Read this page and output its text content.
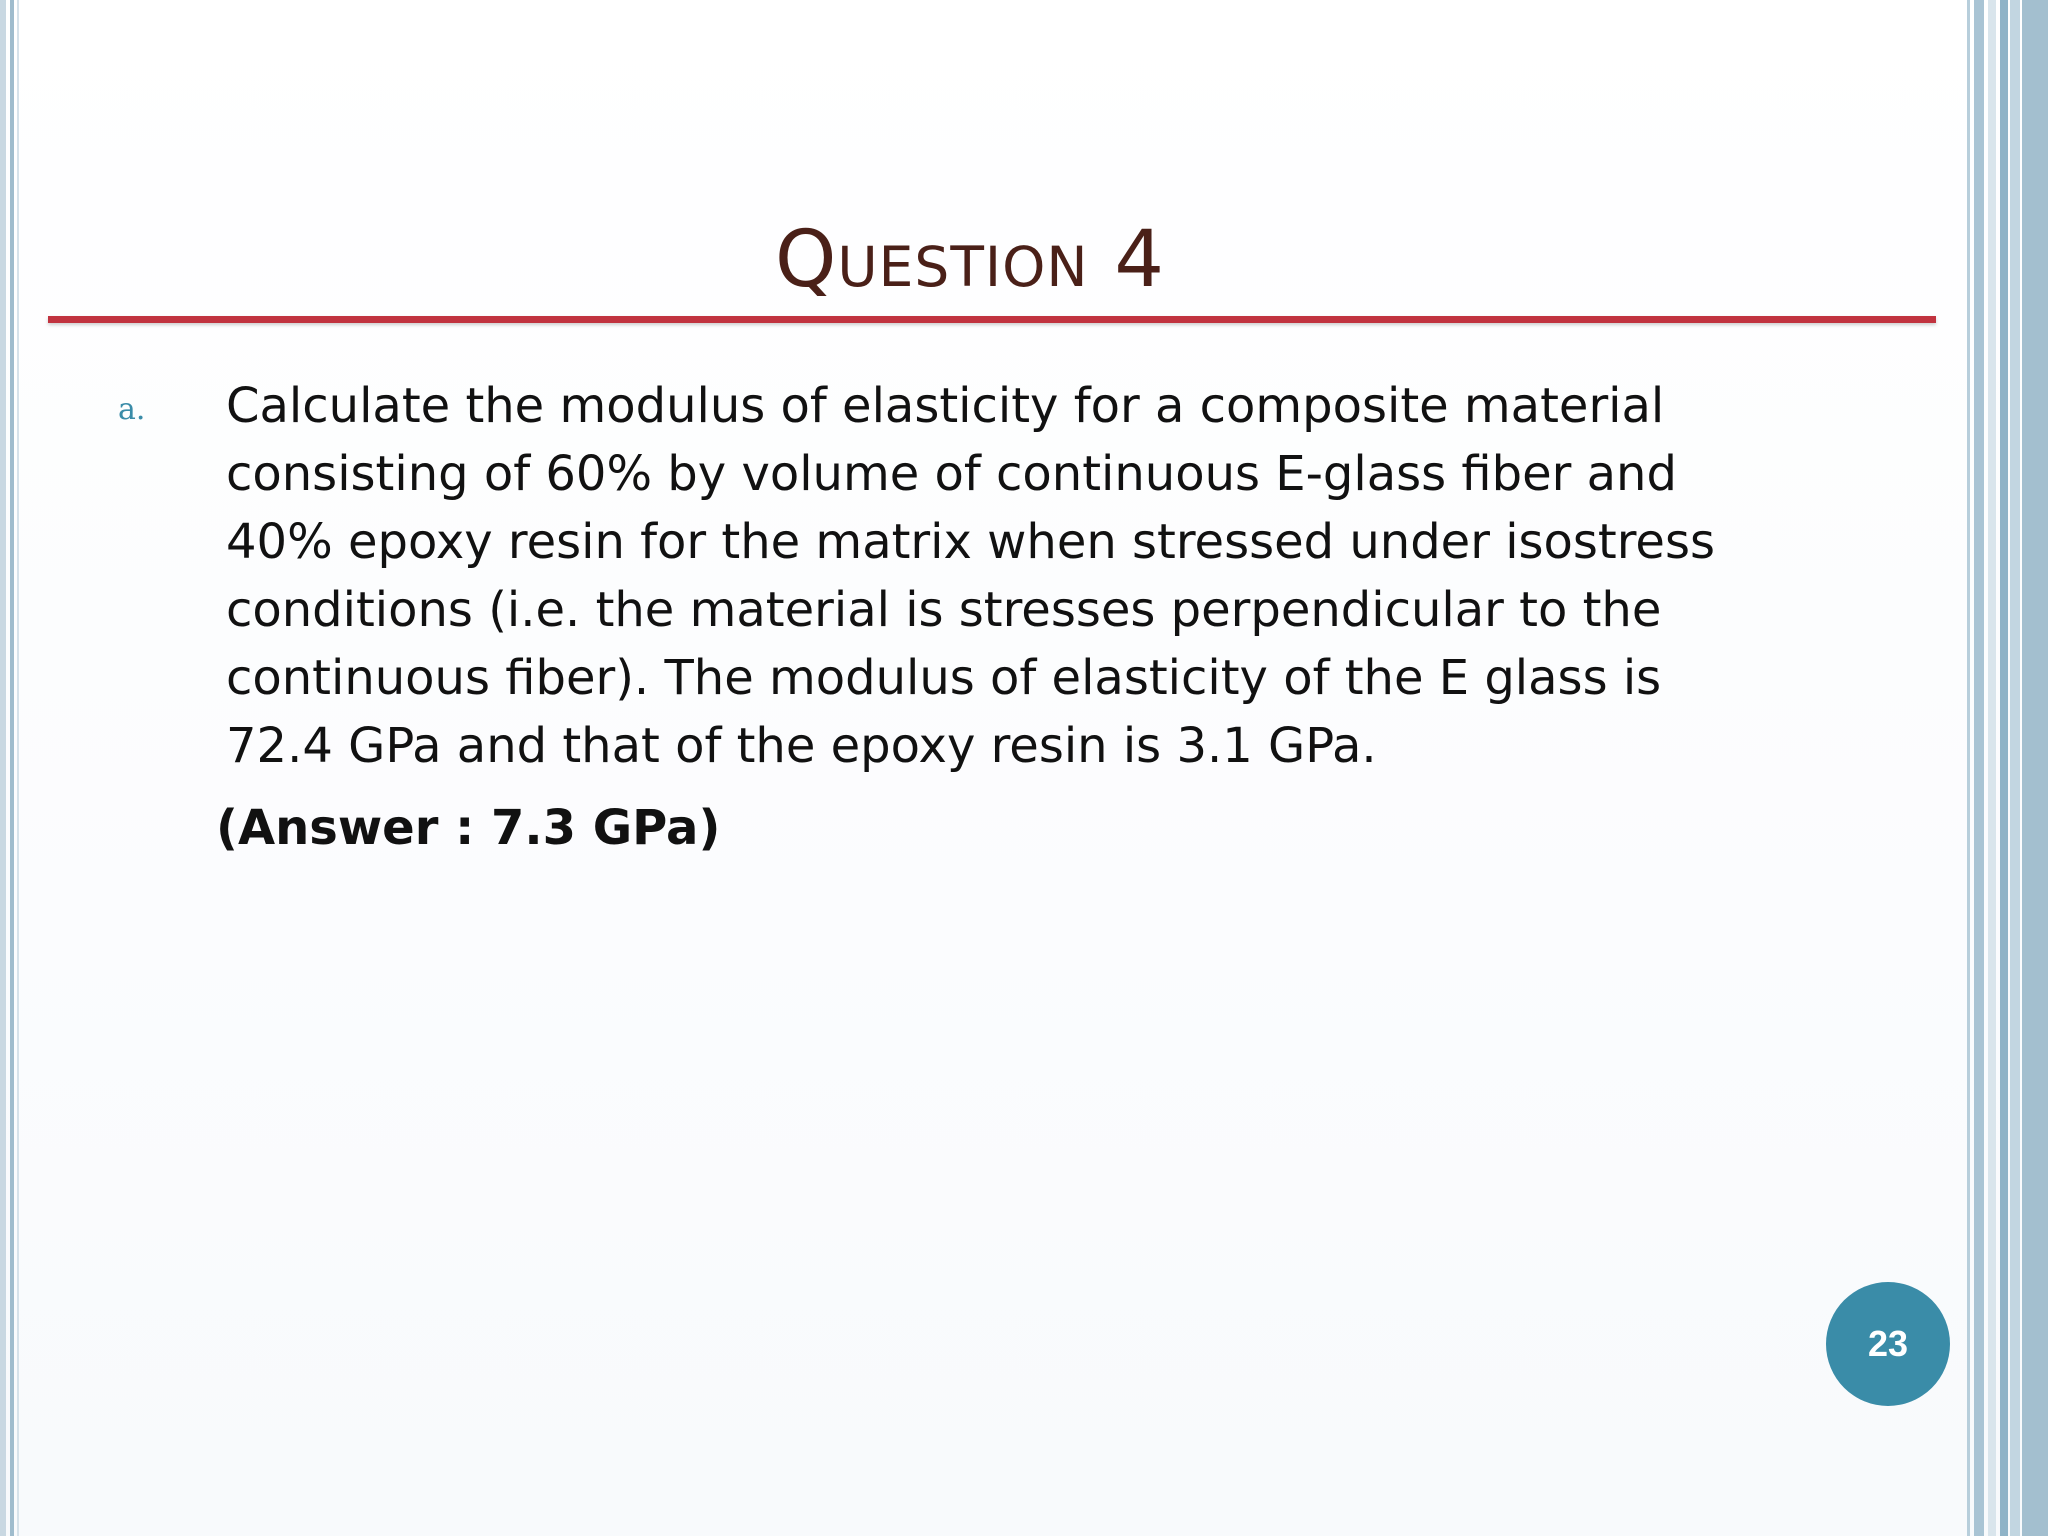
Question 4
a.	Calculate the modulus of elasticity for a composite material consisting of 60% by volume of continuous E-glass fiber and 40% epoxy resin for the matrix when stressed under isostress conditions (i.e. the material is stresses perpendicular to the continuous fiber). The modulus of elasticity of the E glass is 72.4 GPa and that of the epoxy resin is 3.1 GPa.
(Answer : 7.3 GPa)
23
